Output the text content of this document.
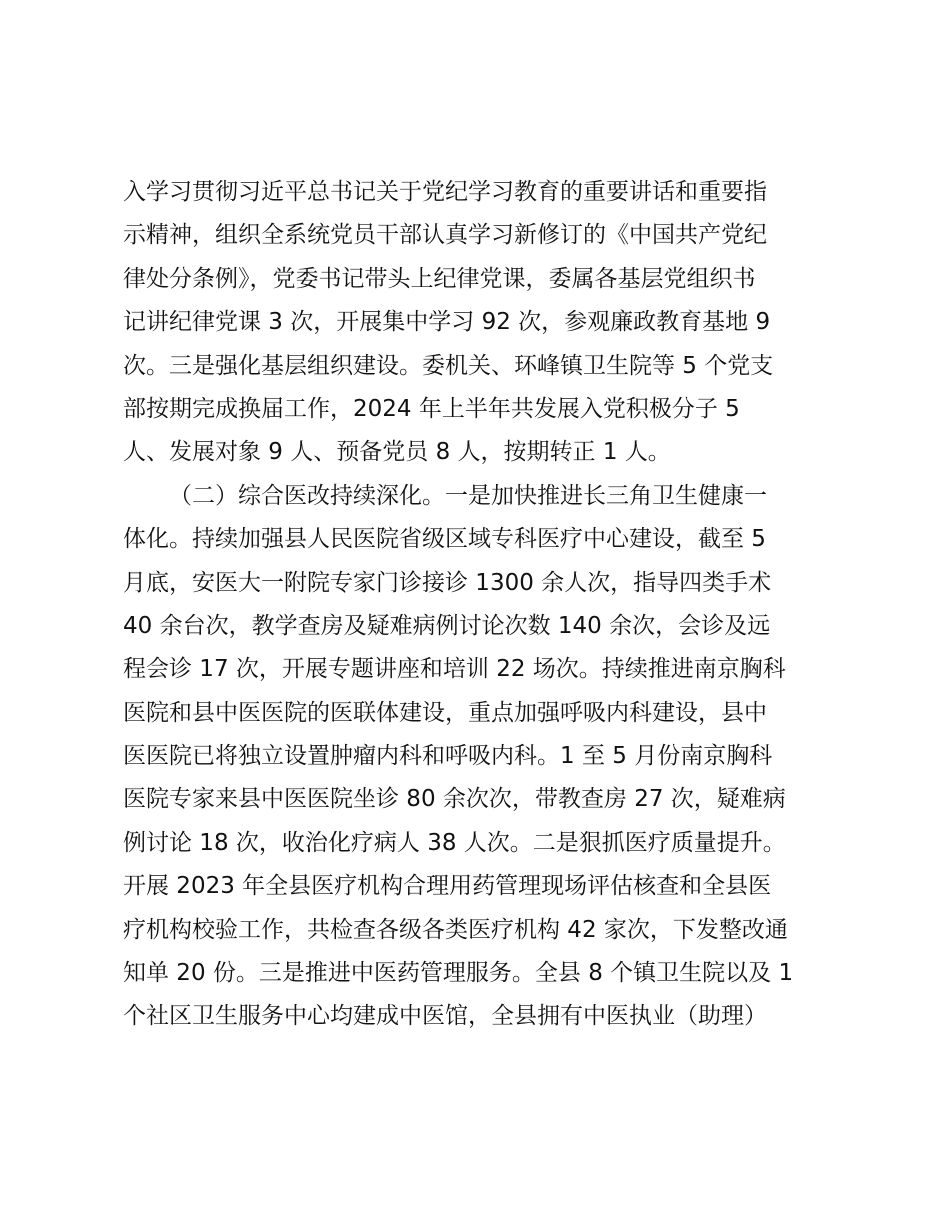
入学习贯彻习近平总书记关于党纪学习教育的重要讲话和重要指
示精神，组织全系统党员干部认真学习新修订的《中国共产党纪
律处分条例》，党委书记带头上纪律党课，委属各基层党组织书
记讲纪律党课 3 次，开展集中学习 92 次，参观廉政教育基地 9
次。三是强化基层组织建设。委机关、环峰镇卫生院等 5 个党支
部按期完成换届工作，2024 年上半年共发展入党积极分子 5
人、发展对象 9 人、预备党员 8 人，按期转正 1 人。
（二）综合医改持续深化。一是加快推进长三角卫生健康一
体化。持续加强县人民医院省级区域专科医疗中心建设，截至 5
月底，安医大一附院专家门诊接诊 1300 余人次，指导四类手术
40 余台次，教学查房及疑难病例讨论次数 140 余次，会诊及远
程会诊 17 次，开展专题讲座和培训 22 场次。持续推进南京胸科
医院和县中医医院的医联体建设，重点加强呼吸内科建设，县中
医医院已将独立设置肿瘤内科和呼吸内科。1 至 5 月份南京胸科
医院专家来县中医医院坐诊 80 余次次，带教查房 27 次，疑难病
例讨论 18 次，收治化疗病人 38 人次。二是狠抓医疗质量提升。
开展 2023 年全县医疗机构合理用药管理现场评估核查和全县医
疗机构校验工作，共检查各级各类医疗机构 42 家次，下发整改通
知单 20 份。三是推进中医药管理服务。全县 8 个镇卫生院以及 1
个社区卫生服务中心均建成中医馆，全县拥有中医执业（助理）
